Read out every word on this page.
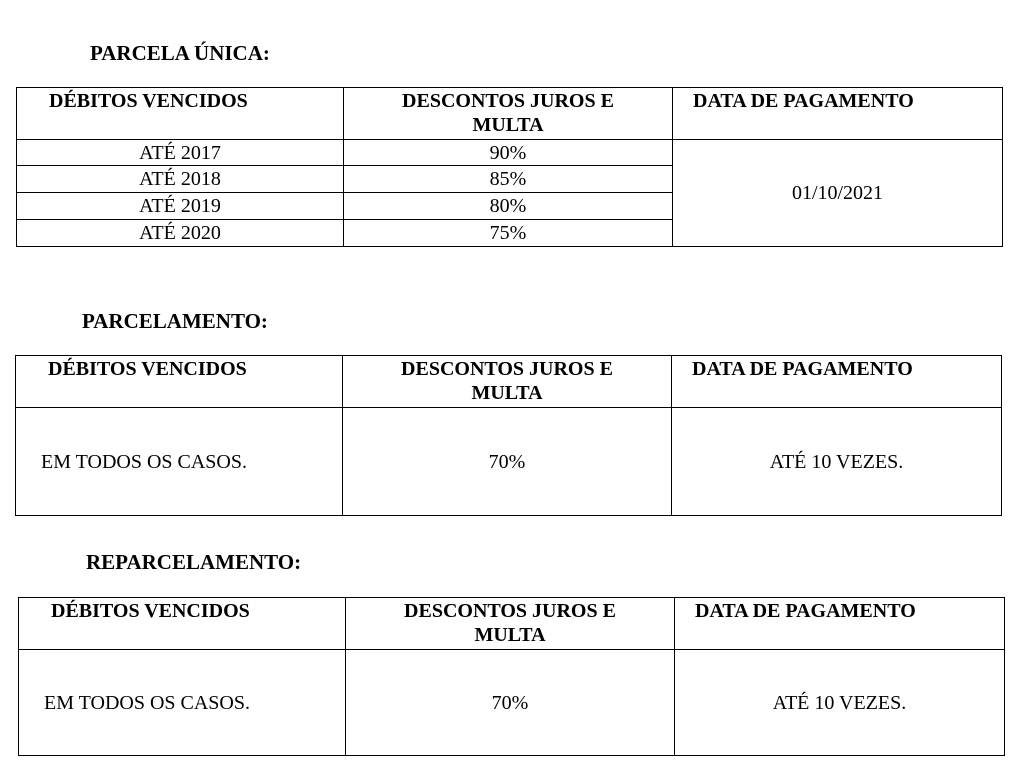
PARCELA ÚNICA:
DÉBITOS VENCIDOS	DESCONTOS JUROS E MULTA	DATA DE PAGAMENTO

ATÉ 2017	90%	01/10/2021
ATÉ 2018	85%	
ATÉ 2019	80%	
ATÉ 2020	75%	
PARCELAMENTO:
DÉBITOS VENCIDOS	DESCONTOS JUROS E MULTA	DATA DE PAGAMENTO

EM TODOS OS CASOS.	70%	ATÉ 10 VEZES.
REPARCELAMENTO:
DÉBITOS VENCIDOS	DESCONTOS JUROS E MULTA	DATA DE PAGAMENTO

EM TODOS OS CASOS.	70%	ATÉ 10 VEZES.
